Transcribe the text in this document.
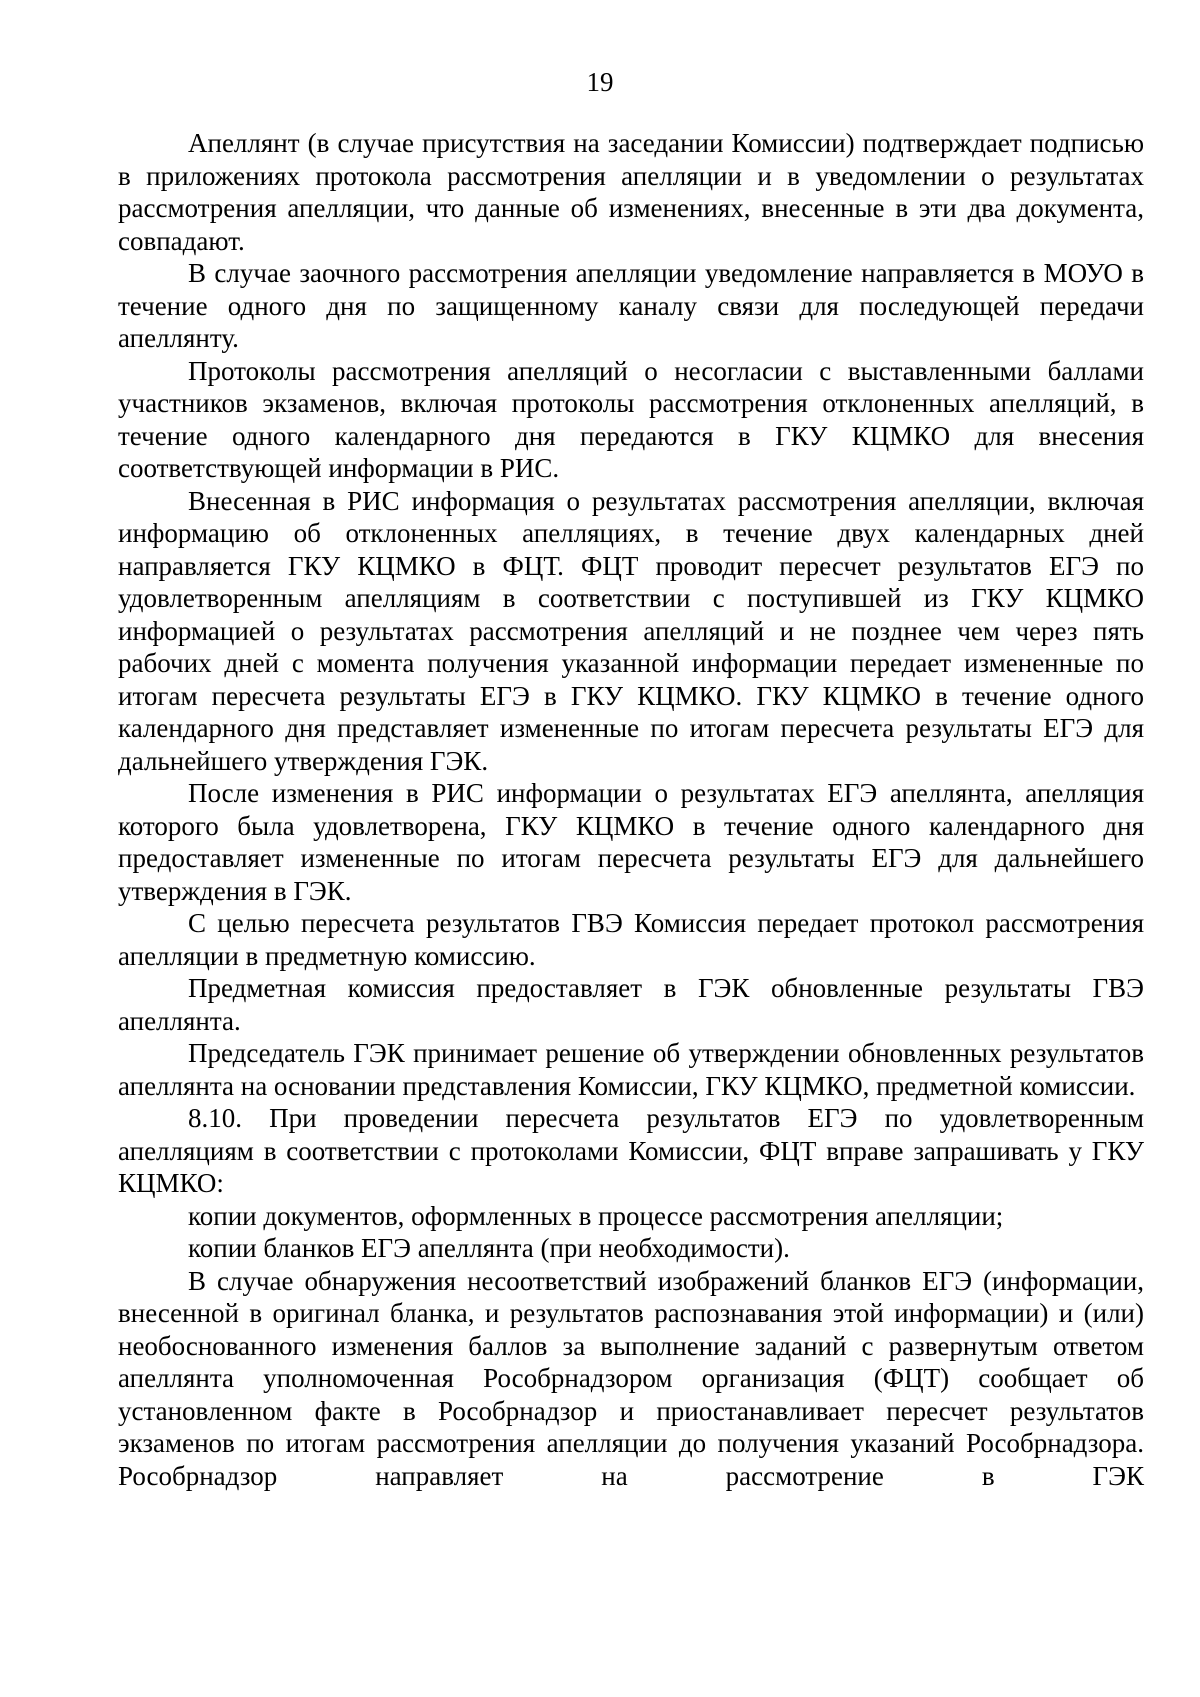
19

Апеллянт (в случае присутствия на заседании Комиссии) подтверждает подписью в приложениях протокола рассмотрения апелляции и в уведомлении о результатах рассмотрения апелляции, что данные об изменениях, внесенные в эти два документа, совпадают.

В случае заочного рассмотрения апелляции уведомление направляется в МОУО в течение одного дня по защищенному каналу связи для последующей передачи апеллянту.

Протоколы рассмотрения апелляций о несогласии с выставленными баллами участников экзаменов, включая протоколы рассмотрения отклоненных апелляций, в течение одного календарного дня передаются в ГКУ КЦМКО для внесения соответствующей информации в РИС.

Внесенная в РИС информация о результатах рассмотрения апелляции, включая информацию об отклоненных апелляциях, в течение двух календарных дней направляется ГКУ КЦМКО в ФЦТ. ФЦТ проводит пересчет результатов ЕГЭ по удовлетворенным апелляциям в соответствии с поступившей из ГКУ КЦМКО информацией о результатах рассмотрения апелляций и не позднее чем через пять рабочих дней с момента получения указанной информации передает измененные по итогам пересчета результаты ЕГЭ в ГКУ КЦМКО. ГКУ КЦМКО в течение одного календарного дня представляет измененные по итогам пересчета результаты ЕГЭ для дальнейшего утверждения ГЭК.

После изменения в РИС информации о результатах ЕГЭ апеллянта, апелляция которого была удовлетворена, ГКУ КЦМКО в течение одного календарного дня предоставляет измененные по итогам пересчета результаты ЕГЭ для дальнейшего утверждения в ГЭК.

С целью пересчета результатов ГВЭ Комиссия передает протокол рассмотрения апелляции в предметную комиссию.

Предметная комиссия предоставляет в ГЭК обновленные результаты ГВЭ апеллянта.

Председатель ГЭК принимает решение об утверждении обновленных результатов апеллянта на основании представления Комиссии, ГКУ КЦМКО, предметной комиссии.

8.10. При проведении пересчета результатов ЕГЭ по удовлетворенным апелляциям в соответствии с протоколами Комиссии, ФЦТ вправе запрашивать у ГКУ КЦМКО:

копии документов, оформленных в процессе рассмотрения апелляции;

копии бланков ЕГЭ апеллянта (при необходимости).

В случае обнаружения несоответствий изображений бланков ЕГЭ (информации, внесенной в оригинал бланка, и результатов распознавания этой информации) и (или) необоснованного изменения баллов за выполнение заданий с развернутым ответом апеллянта уполномоченная Рособрнадзором организация (ФЦТ) сообщает об установленном факте в Рособрнадзор и приостанавливает пересчет результатов экзаменов по итогам рассмотрения апелляции до получения указаний Рособрнадзора. Рособрнадзор направляет на рассмотрение в ГЭК
